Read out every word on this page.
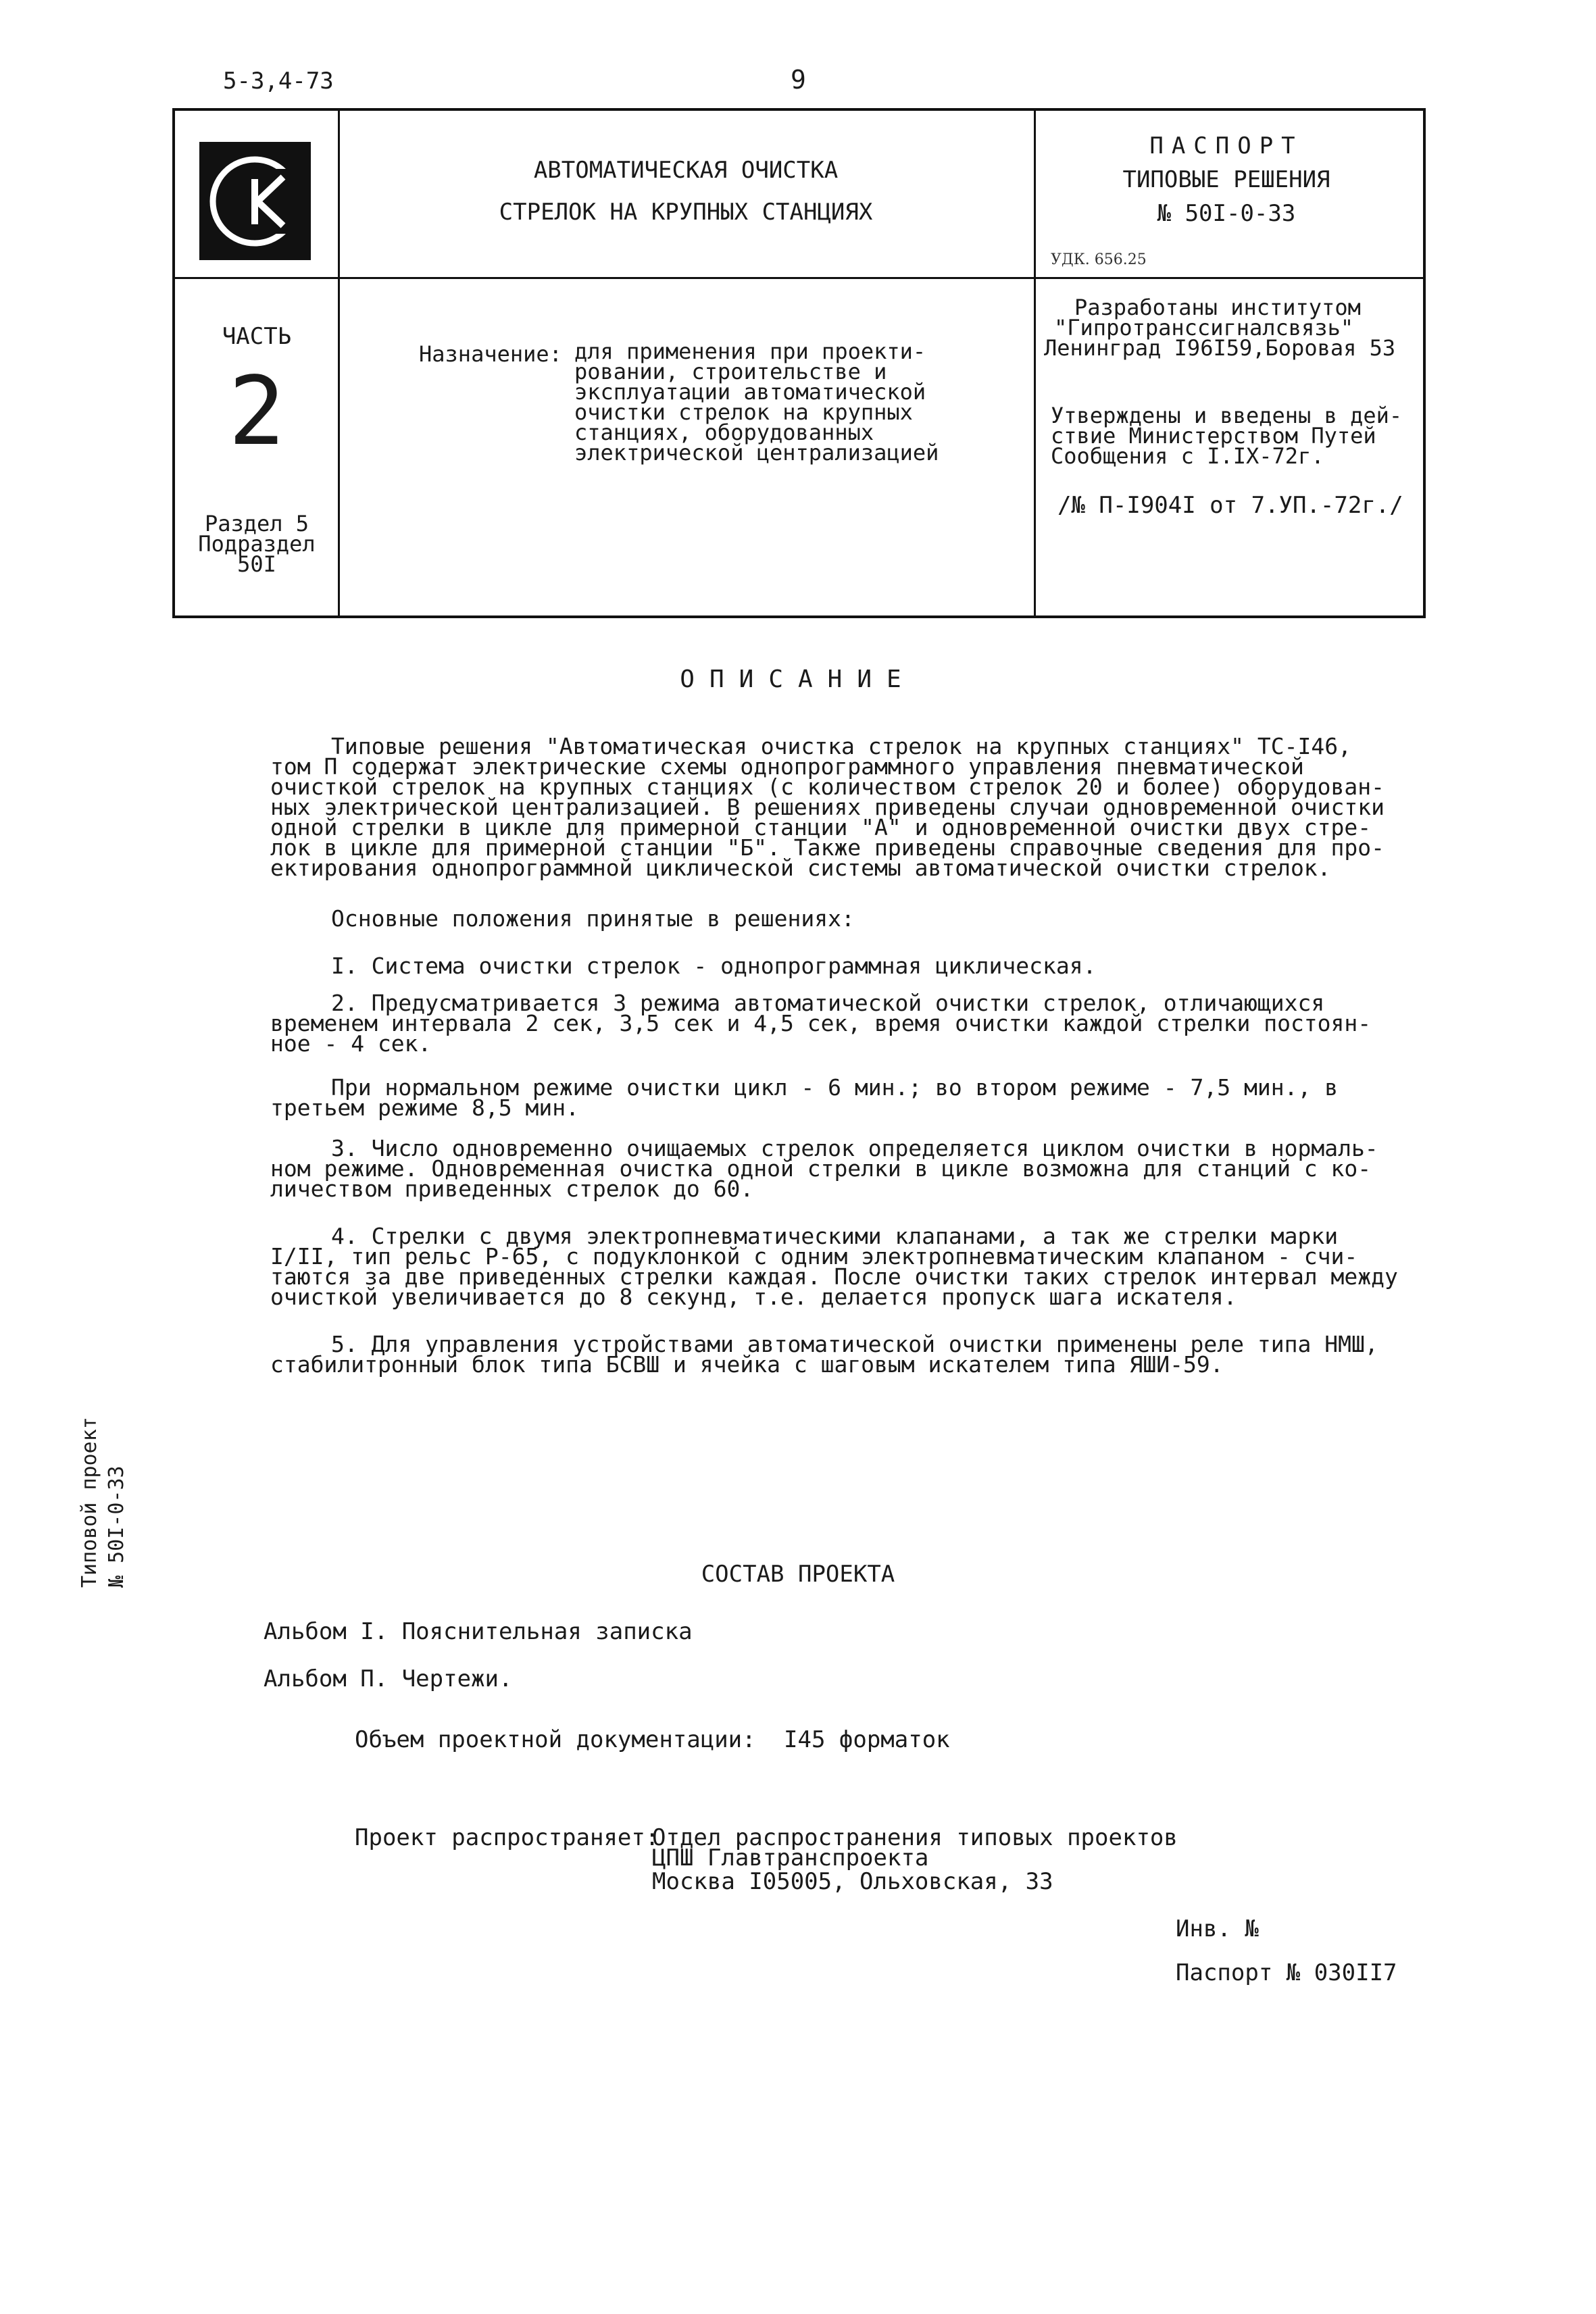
5-3,4-73	9
АВТОМАТИЧЕСКАЯ ОЧИСТКА
СТРЕЛОК НА КРУПНЫХ СТАНЦИЯХ
ПАСПОРТ
ТИПОВЫЕ РЕШЕНИЯ
№ 50I-0-33
УДК. 656.25
ЧАСТЬ
2
Раздел 5
Подраздел
50I
Назначение: для применения при проекти-
ровании, строительстве и
эксплуатации автоматической
очистки стрелок на крупных
станциях, оборудованных
электрической централизацией
Разработаны институтом
"Гипротранссигналсвязь"
Ленинград I96I59,Боровая 53
Утверждены и введены в дей-
ствие Министерством Путей
Сообщения с I.IX-72г.
/№ П-I904I от 7.УП.-72г./
ОПИСАНИЕ
Типовые решения "Автоматическая очистка стрелок на крупных станциях" ТС-I46,
том П содержат электрические схемы однопрограммного управления пневматической
очисткой стрелок на крупных станциях (с количеством стрелок 20 и более) оборудован-
ных электрической централизацией. В решениях приведены случаи одновременной очистки
одной стрелки в цикле для примерной станции "А" и одновременной очистки двух стре-
лок в цикле для примерной станции "Б". Также приведены справочные сведения для про-
ектирования однопрограммной циклической системы автоматической очистки стрелок.
Основные положения принятые в решениях:
I. Система очистки стрелок - однопрограммная циклическая.
2. Предусматривается 3 режима автоматической очистки стрелок, отличающихся
временем интервала 2 сек, 3,5 сек и 4,5 сек, время очистки каждой стрелки постоян-
ное - 4 сек.
При нормальном режиме очистки цикл - 6 мин.; во втором режиме - 7,5 мин., в
третьем режиме 8,5 мин.
3. Число одновременно очищаемых стрелок определяется циклом очистки в нормаль-
ном режиме. Одновременная очистка одной стрелки в цикле возможна для станций с ко-
личеством приведенных стрелок до 60.
4. Стрелки с двумя электропневматическими клапанами, а так же стрелки марки
I/II, тип рельс Р-65, с подуклонкой с одним электропневматическим клапаном - счи-
таются за две приведенных стрелки каждая. После очистки таких стрелок интервал между
очисткой увеличивается до 8 секунд, т.е. делается пропуск шага искателя.
5. Для управления устройствами автоматической очистки применены реле типа НМШ,
стабилитронный блок типа БСВШ и ячейка с шаговым искателем типа ЯШИ-59.
Типовой проект № 50I-0-33	СОСТАВ ПРОЕКТА
Альбом I. Пояснительная записка
Альбом П. Чертежи.
Объем проектной документации: I45 форматок
Проект распространяет:
Отдел распространения типовых проектов
ЦПШ Главтранспроекта
Москва I05005, Ольховская, 33
Инв. №
Паспорт № 030II7
